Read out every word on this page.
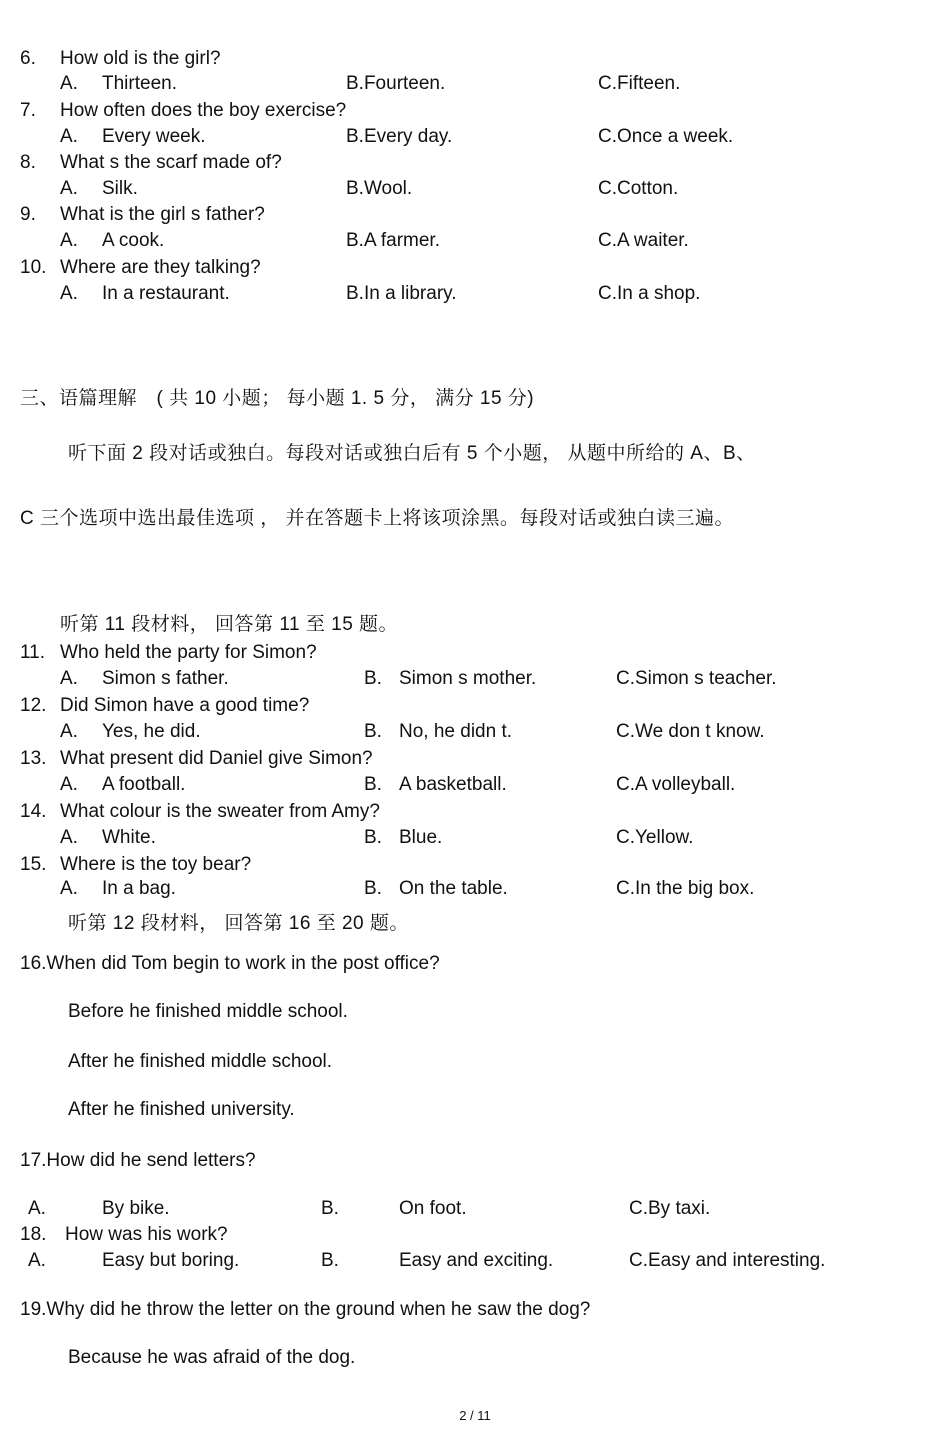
6. How old is the girl?
A. Thirteen.	B.Fourteen.	C.Fifteen.
7. How often does the boy exercise?
A. Every week.	B.Every day.	C.Once a week.
8. What s the scarf made of?
A. Silk.	B.Wool.	C.Cotton.
9. What is the girl s father?
A. A cook.	B.A farmer.	C.A waiter.
10. Where are they talking?
A. In a restaurant.	B.In a library.	C.In a shop.
三、语篇理解　( 共 10 小题； 每小题 1. 5 分， 满分 15 分)
听下面 2 段对话或独白。每段对话或独白后有 5 个小题， 从题中所给的 A、B、
C 三个选项中选出最佳选项 ， 并在答题卡上将该项涂黑。每段对话或独白读三遍。
听第 11 段材料， 回答第 11 至 15 题。
11. Who held the party for Simon?
A. Simon s father.	B. Simon s mother.	C.Simon s teacher.
12. Did Simon have a good time?
A. Yes, he did.	B. No, he didn t.	C.We don t know.
13. What present did Daniel give Simon?
A. A football.	B. A basketball.	C.A volleyball.
14. What colour is the sweater from Amy?
A. White.	B. Blue.	C.Yellow.
15. Where is the toy bear?
A. In a bag.	B. On the table.	C.In the big box.
听第 12 段材料， 回答第 16 至 20 题。
16.When did Tom begin to work in the post office?
Before he finished middle school.
After he finished middle school.
After he finished university.
17.How did he send letters?
A.	By bike.	B.	On foot.	C.By taxi.
18. How was his work?
A.	Easy but boring.	B.	Easy and exciting.	C.Easy and interesting.
19.Why did he throw the letter on the ground when he saw the dog?
Because he was afraid of the dog.
2 / 11
